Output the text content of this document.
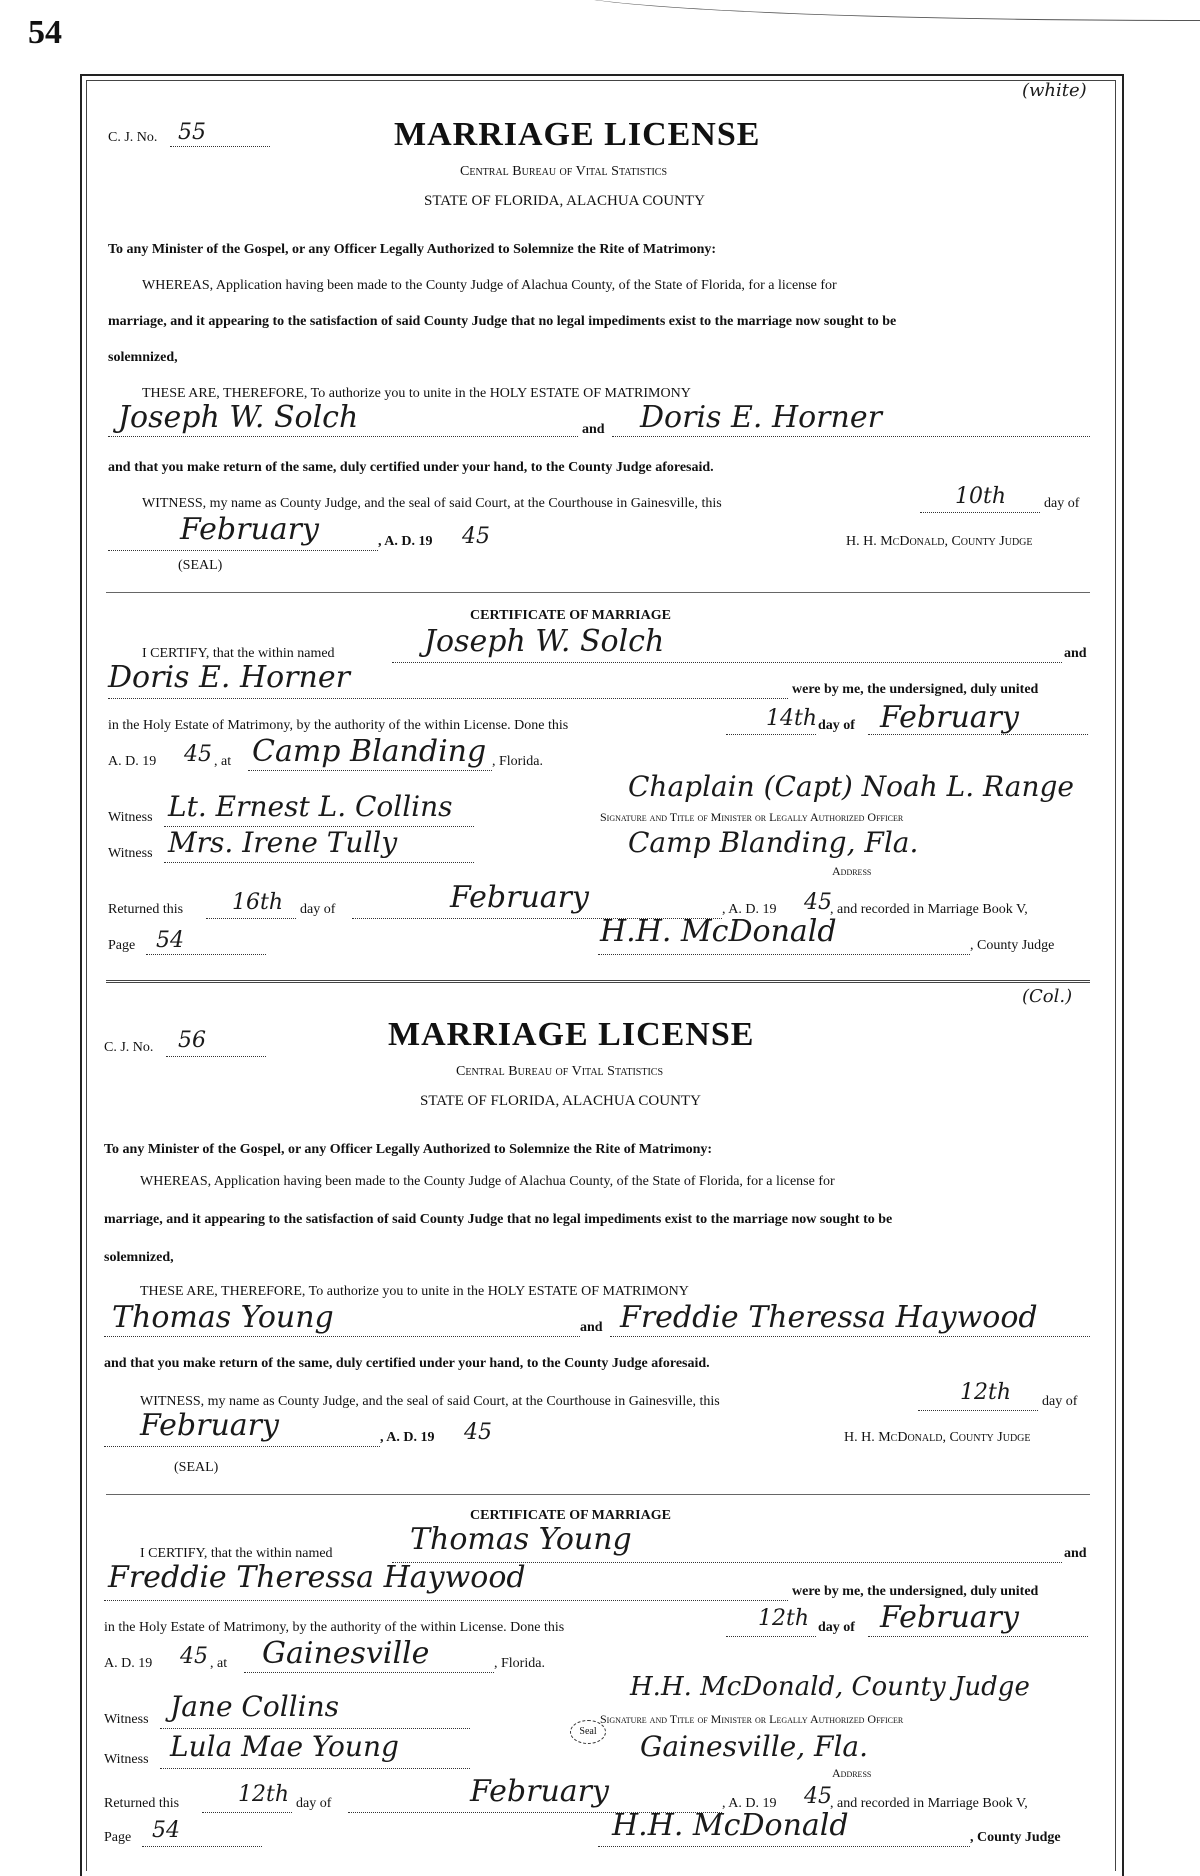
54
(white)
C. J. No. 55	MARRIAGE LICENSE
Central Bureau of Vital Statistics
STATE OF FLORIDA, ALACHUA COUNTY
To any Minister of the Gospel, or any Officer Legally Authorized to Solemnize the Rite of Matrimony:
WHEREAS, Application having been made to the County Judge of Alachua County, of the State of Florida, for a license for
marriage, and it appearing to the satisfaction of said County Judge that no legal impediments exist to the marriage now sought to be
solemnized,
THESE ARE, THEREFORE, To authorize you to unite in the HOLY ESTATE OF MATRIMONY
Joseph W. Solch	and Doris E. Horner
and that you make return of the same, duly certified under your hand, to the County Judge aforesaid.
WITNESS, my name as County Judge, and the seal of said Court, at the Courthouse in Gainesville, this	10th	day of
February	, A. D. 19 45	H. H. McDonald, County Judge
(SEAL)
CERTIFICATE OF MARRIAGE
I CERTIFY, that the within named	Joseph W. Solch	and
Doris E. Horner	were by me, the undersigned, duly united
in the Holy Estate of Matrimony, by the authority of the within License. Done this	14th day of February
A. D. 19 45 , at Camp Blanding , Florida.
Witness Lt. Ernest L. Collins
Chaplain (Capt) Noah L. Range
Signature and Title of Minister or Legally Authorized Officer
Witness Mrs. Irene Tully	Camp Blanding, Fla.
Address
Returned this 16th day of	February	, A. D. 19 45
, and recorded in Marriage Book V,
Page 54	H.H. McDonald	, County Judge
(Col.)
C. J. No. 56	MARRIAGE LICENSE
Central Bureau of Vital Statistics
STATE OF FLORIDA, ALACHUA COUNTY
To any Minister of the Gospel, or any Officer Legally Authorized to Solemnize the Rite of Matrimony:
WHEREAS, Application having been made to the County Judge of Alachua County, of the State of Florida, for a license for
marriage, and it appearing to the satisfaction of said County Judge that no legal impediments exist to the marriage now sought to be
solemnized,
THESE ARE, THEREFORE, To authorize you to unite in the HOLY ESTATE OF MATRIMONY
Thomas Young	and Freddie Theressa Haywood
and that you make return of the same, duly certified under your hand, to the County Judge aforesaid.
WITNESS, my name as County Judge, and the seal of said Court, at the Courthouse in Gainesville, this	12th day of
February	, A. D. 19 45	H. H. McDonald, County Judge
(SEAL)
CERTIFICATE OF MARRIAGE
I CERTIFY, that the within named	Thomas Young	and
Freddie Theressa Haywood	were by me, the undersigned, duly united
in the Holy Estate of Matrimony, by the authority of the within License. Done this	12th day of February
A. D. 19 45 , at Gainesville	, Florida.
Witness Jane Collins
H.H. McDonald, County Judge
Signature and Title of Minister or Legally Authorized Officer
Seal
Witness Lula Mae Young	Gainesville, Fla.
Address
Returned this	12th day of	February	, A. D. 19 45
, and recorded in Marriage Book V,
Page 54	H.H. McDonald	, County Judge
